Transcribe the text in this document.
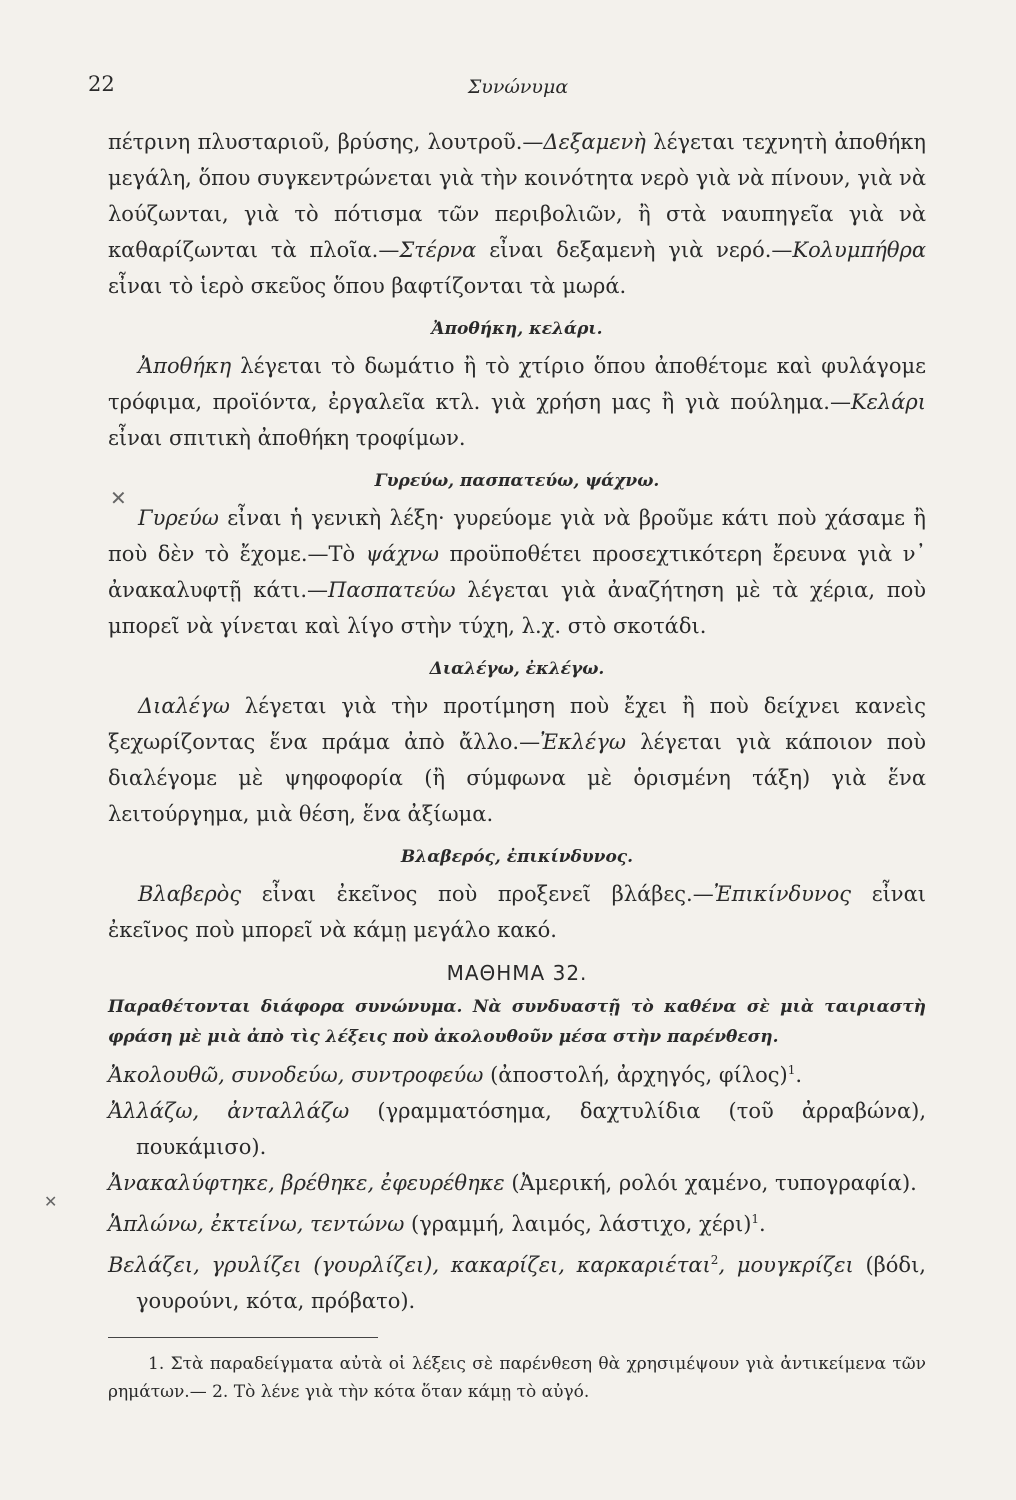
22	Συνώνυμα
✕
✕

πέτρινη πλυσταριοῦ, βρύσης, λουτροῦ.—Δεξαμενὴ λέγεται τεχνητὴ ἀποθήκη μεγάλη, ὅπου συγκεντρώνεται γιὰ τὴν κοινότητα νερὸ γιὰ νὰ πίνουν, γιὰ νὰ λούζωνται, γιὰ τὸ πότισμα τῶν περιβολιῶν, ἢ στὰ ναυπηγεῖα γιὰ νὰ καθαρίζωνται τὰ πλοῖα.—Στέρνα εἶναι δεξαμενὴ γιὰ νερό.—Κολυμπήθρα εἶναι τὸ ἱερὸ σκεῦος ὅπου βαφτίζονται τὰ μωρά.

Ἀποθήκη, κελάρι.

Ἀποθήκη λέγεται τὸ δωμάτιο ἢ τὸ χτίριο ὅπου ἀποθέτομε καὶ φυλάγομε τρόφιμα, προϊόντα, ἐργαλεῖα κτλ. γιὰ χρήση μας ἢ γιὰ πούλημα.—Κελάρι εἶναι σπιτικὴ ἀποθήκη τροφίμων.

Γυρεύω, πασπατεύω, ψάχνω.

Γυρεύω εἶναι ἡ γενικὴ λέξη· γυρεύομε γιὰ νὰ βροῦμε κάτι ποὺ χάσαμε ἢ ποὺ δὲν τὸ ἔχομε.—Τὸ ψάχνω προϋποθέτει προσεχτικότερη ἔρευνα γιὰ ν᾽ ἀνακαλυφτῇ κάτι.—Πασπατεύω λέγεται γιὰ ἀναζήτηση μὲ τὰ χέρια, ποὺ μπορεῖ νὰ γίνεται καὶ λίγο στὴν τύχη, λ.χ. στὸ σκοτάδι.

Διαλέγω, ἐκλέγω.

Διαλέγω λέγεται γιὰ τὴν προτίμηση ποὺ ἔχει ἢ ποὺ δείχνει κανεὶς ξεχωρίζοντας ἕνα πράμα ἀπὸ ἄλλο.—Ἐκλέγω λέγεται γιὰ κάποιον ποὺ διαλέγομε μὲ ψηφοφορία (ἢ σύμφωνα μὲ ὁρισμένη τάξη) γιὰ ἕνα λειτούργημα, μιὰ θέση, ἕνα ἀξίωμα.

Βλαβερός, ἐπικίνδυνος.

Βλαβερὸς εἶναι ἐκεῖνος ποὺ προξενεῖ βλάβες.—Ἐπικίνδυνος εἶναι ἐκεῖνος ποὺ μπορεῖ νὰ κάμῃ μεγάλο κακό.

ΜΑΘΗΜΑ 32.

Παραθέτονται διάφορα συνώνυμα. Νὰ συνδυαστῇ τὸ καθένα σὲ μιὰ ταιριαστὴ φράση μὲ μιὰ ἀπὸ τὶς λέξεις ποὺ ἀκολουθοῦν μέσα στὴν παρένθεση.

Ἀκολουθῶ, συνοδεύω, συντροφεύω (ἀποστολή, ἀρχηγός, φίλος)$^1$.

Ἀλλάζω, ἀνταλλάζω (γραμματόσημα, δαχτυλίδια (τοῦ ἀρραβώνα), πουκάμισο).

Ἀνακαλύφτηκε, βρέθηκε, ἐφευρέθηκε (Ἀμερική, ρολόι χαμένο, τυπογραφία).

Ἁπλώνω, ἐκτείνω, τεντώνω (γραμμή, λαιμός, λάστιχο, χέρι)$^1$.

Βελάζει, γρυλίζει (γουρλίζει), κακαρίζει, καρκαριέται$^2$, μουγκρίζει (βόδι, γουρούνι, κότα, πρόβατο).

1. Στὰ παραδείγματα αὐτὰ οἱ λέξεις σὲ παρένθεση θὰ χρησιμέψουν γιὰ ἀντικείμενα τῶν ρημάτων.— 2. Τὸ λένε γιὰ τὴν κότα ὅταν κάμῃ τὸ αὐγό.
